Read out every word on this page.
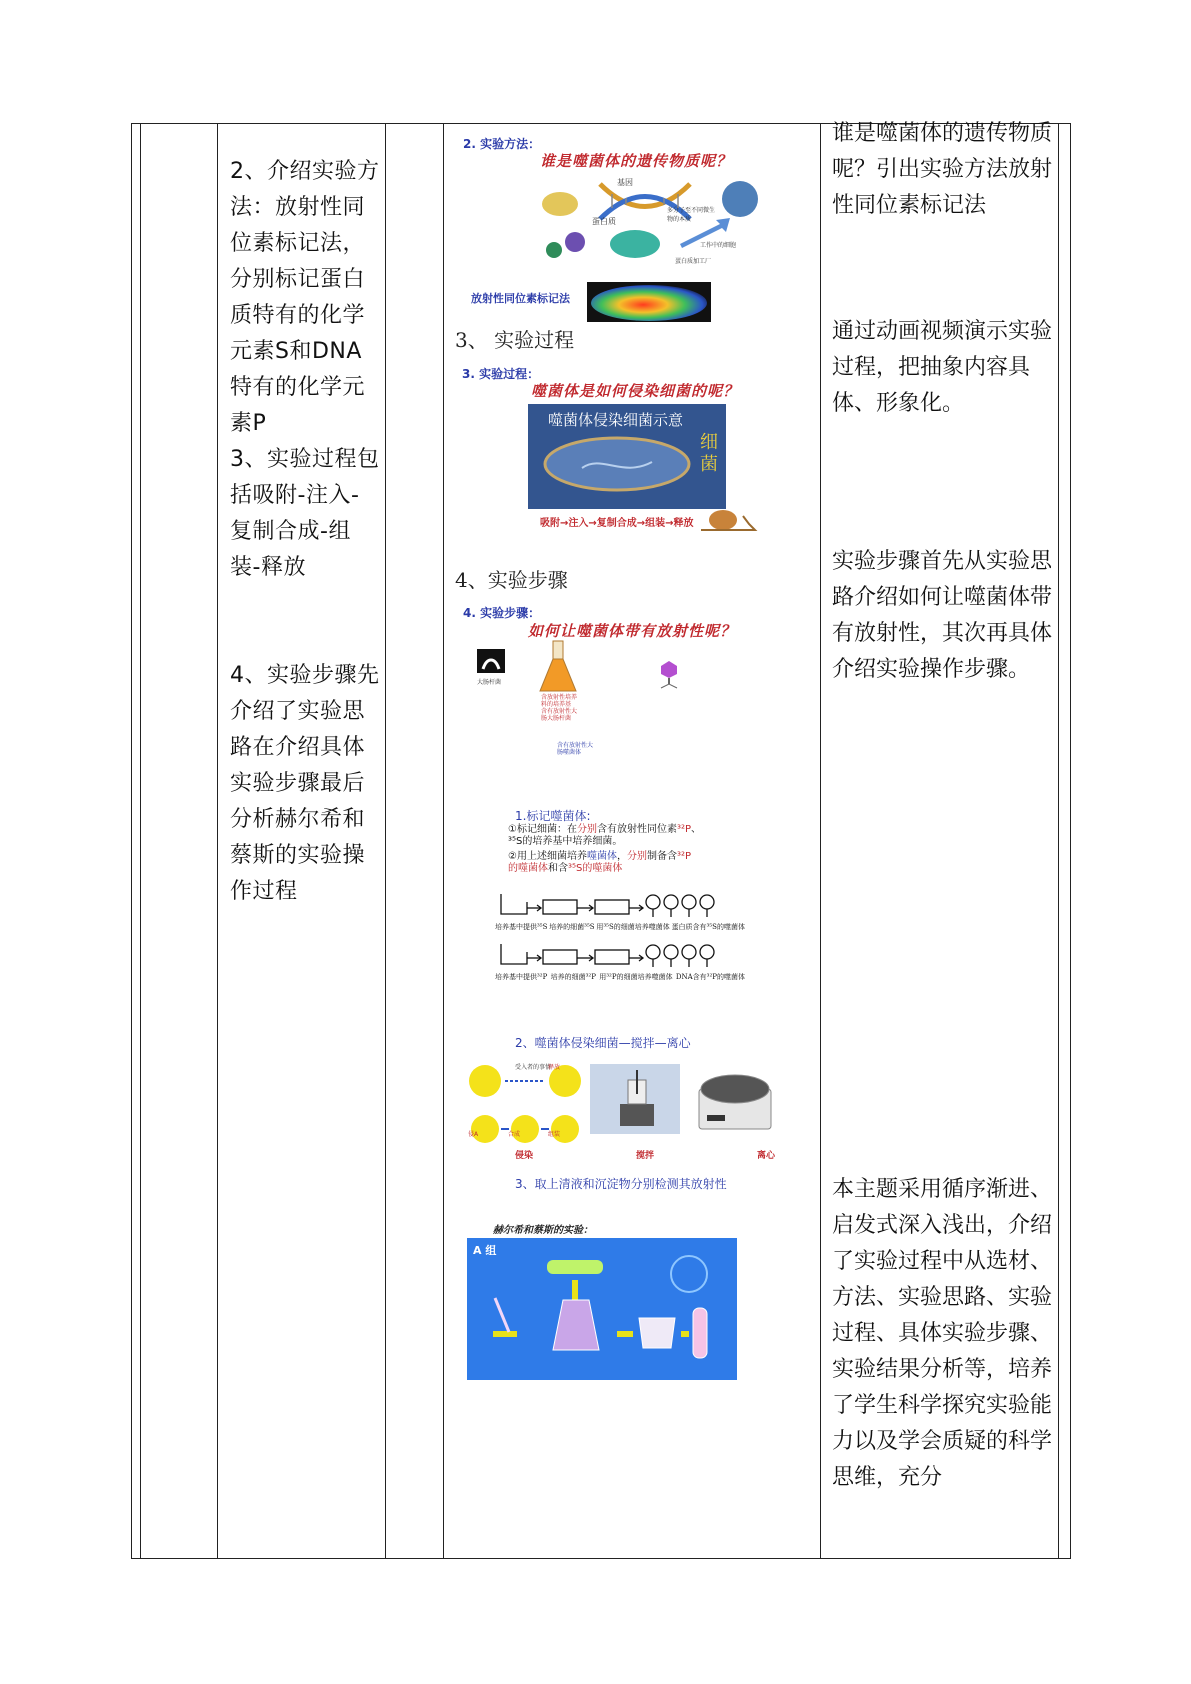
2、介绍实验方法：放射性同位素标记法，分别标记蛋白质特有的化学元素S和DNA特有的化学元素P

3、实验过程包括吸附-注入-复制合成-组装-释放

4、实验步骤先介绍了实验思路在介绍具体实验步骤最后分析赫尔希和蔡斯的实验操作过程

2. 实验方法：
谁是噬菌体的遗传物质呢？
基因
蛋白质
多分子至不同微生物的本质
工作中的细胞
蛋白质加工厂
放射性同位素标记法
3、 实验过程
3. 实验过程：
噬菌体是如何侵染细菌的呢？
噬菌体侵染细菌示意
细菌
吸附→注入→复制合成→组装→释放
4、实验步骤
4. 实验步骤：
如何让噬菌体带有放射性呢？
大肠杆菌
含放射性培养
料的培养基
含有放射性大
肠大肠杆菌
含有放射性大
肠噬菌体
1.标记噬菌体:
①标记细菌：在分别含有放射性同位素³²P、
³⁵S的培养基中培养细菌。
②用上述细菌培养噬菌体，分别制备含³²P
的噬菌体和含³⁵S的噬菌体
培养基中提供³⁵S 培养的细菌³⁵S 用³⁵S的细菌培养噬菌体 蛋白质含有³⁵S的噬菌体
培养基中提供³²P 培养的细菌³²P 用³²P的细菌培养噬菌体 DNA含有³²P的噬菌体
2、噬菌体侵染细菌—搅拌—离心
受入者的事情
侵A	合成	组装
释放
侵染	搅拌	离心
3、取上清液和沉淀物分别检测其放射性
赫尔希和蔡斯的实验：
A 组

谁是噬菌体的遗传物质呢？引出实验方法放射性同位素标记法

通过动画视频演示实验过程，把抽象内容具体、形象化。

实验步骤首先从实验思路介绍如何让噬菌体带有放射性，其次再具体介绍实验操作步骤。

本主题采用循序渐进、启发式深入浅出，介绍了实验过程中从选材、方法、实验思路、实验过程、具体实验步骤、实验结果分析等，培养了学生科学探究实验能力以及学会质疑的科学思维，充分
